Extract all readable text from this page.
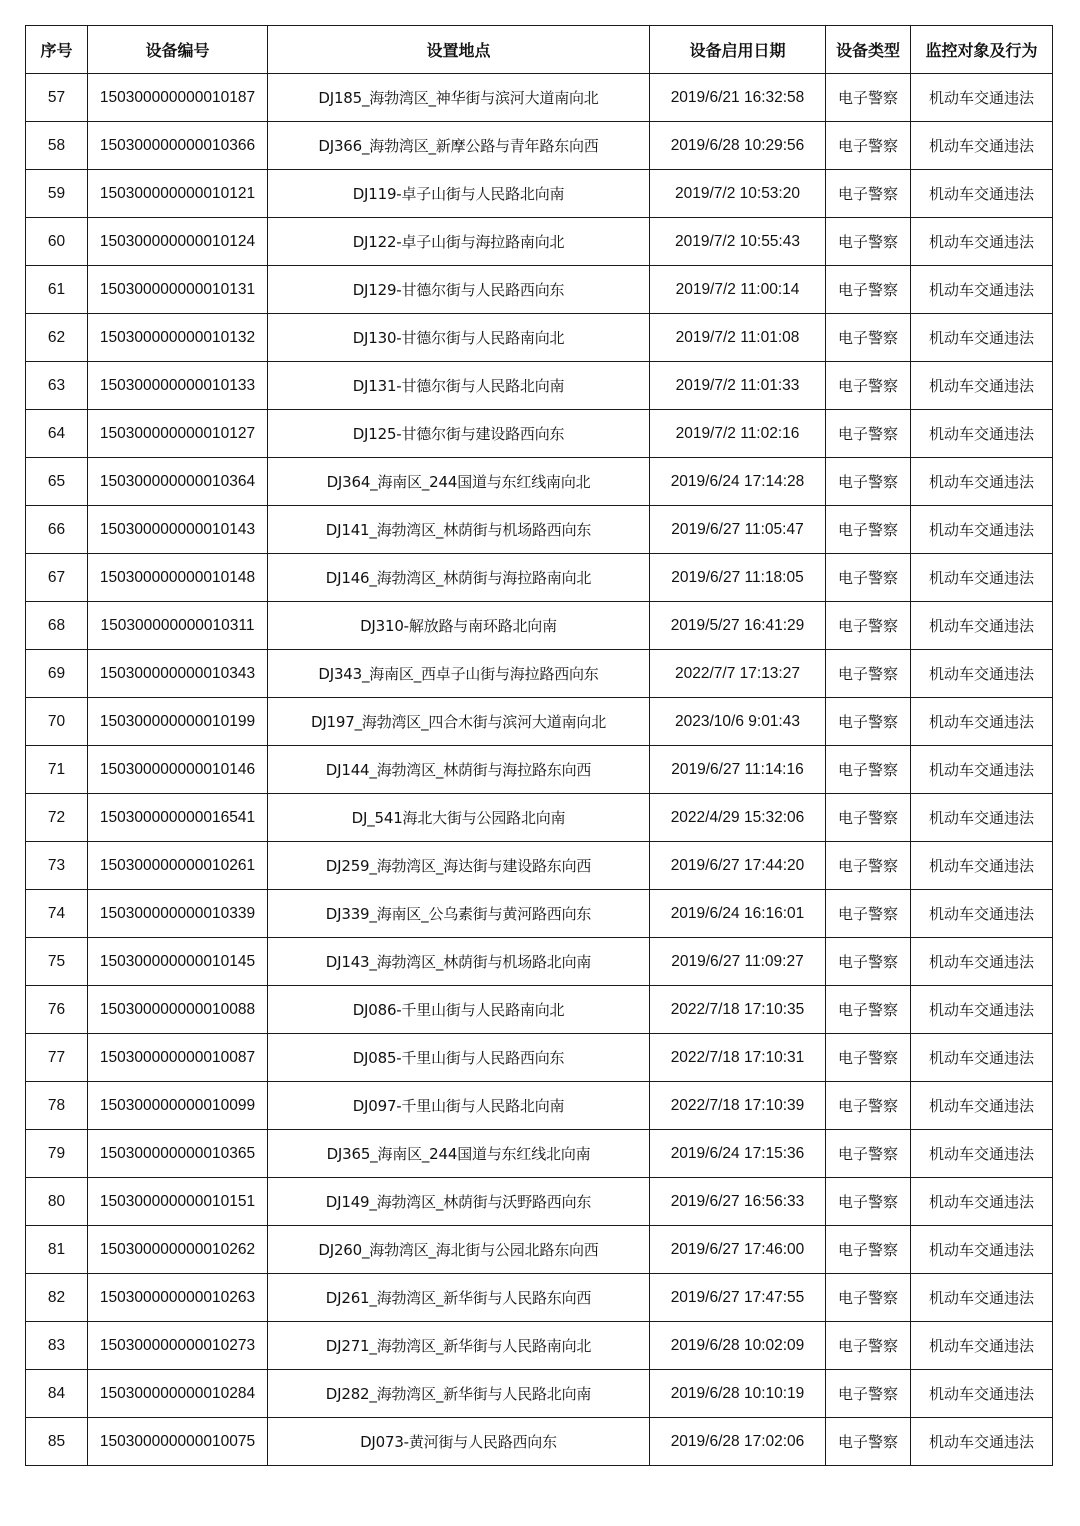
序号	设备编号	设置地点	设备启用日期	设备类型	监控对象及行为
57	150300000000010187	DJ185_海勃湾区_神华街与滨河大道南向北	2019/6/21 16:32:58	电子警察	机动车交通违法
58	150300000000010366	DJ366_海勃湾区_新摩公路与青年路东向西	2019/6/28 10:29:56	电子警察	机动车交通违法
59	150300000000010121	DJ119-卓子山街与人民路北向南	2019/7/2 10:53:20	电子警察	机动车交通违法
60	150300000000010124	DJ122-卓子山街与海拉路南向北	2019/7/2 10:55:43	电子警察	机动车交通违法
61	150300000000010131	DJ129-甘德尔街与人民路西向东	2019/7/2 11:00:14	电子警察	机动车交通违法
62	150300000000010132	DJ130-甘德尔街与人民路南向北	2019/7/2 11:01:08	电子警察	机动车交通违法
63	150300000000010133	DJ131-甘德尔街与人民路北向南	2019/7/2 11:01:33	电子警察	机动车交通违法
64	150300000000010127	DJ125-甘德尔街与建设路西向东	2019/7/2 11:02:16	电子警察	机动车交通违法
65	150300000000010364	DJ364_海南区_244国道与东红线南向北	2019/6/24 17:14:28	电子警察	机动车交通违法
66	150300000000010143	DJ141_海勃湾区_林荫街与机场路西向东	2019/6/27 11:05:47	电子警察	机动车交通违法
67	150300000000010148	DJ146_海勃湾区_林荫街与海拉路南向北	2019/6/27 11:18:05	电子警察	机动车交通违法
68	150300000000010311	DJ310-解放路与南环路北向南	2019/5/27 16:41:29	电子警察	机动车交通违法
69	150300000000010343	DJ343_海南区_西卓子山街与海拉路西向东	2022/7/7 17:13:27	电子警察	机动车交通违法
70	150300000000010199	DJ197_海勃湾区_四合木街与滨河大道南向北	2023/10/6 9:01:43	电子警察	机动车交通违法
71	150300000000010146	DJ144_海勃湾区_林荫街与海拉路东向西	2019/6/27 11:14:16	电子警察	机动车交通违法
72	150300000000016541	DJ_541海北大街与公园路北向南	2022/4/29 15:32:06	电子警察	机动车交通违法
73	150300000000010261	DJ259_海勃湾区_海达街与建设路东向西	2019/6/27 17:44:20	电子警察	机动车交通违法
74	150300000000010339	DJ339_海南区_公乌素街与黄河路西向东	2019/6/24 16:16:01	电子警察	机动车交通违法
75	150300000000010145	DJ143_海勃湾区_林荫街与机场路北向南	2019/6/27 11:09:27	电子警察	机动车交通违法
76	150300000000010088	DJ086-千里山街与人民路南向北	2022/7/18 17:10:35	电子警察	机动车交通违法
77	150300000000010087	DJ085-千里山街与人民路西向东	2022/7/18 17:10:31	电子警察	机动车交通违法
78	150300000000010099	DJ097-千里山街与人民路北向南	2022/7/18 17:10:39	电子警察	机动车交通违法
79	150300000000010365	DJ365_海南区_244国道与东红线北向南	2019/6/24 17:15:36	电子警察	机动车交通违法
80	150300000000010151	DJ149_海勃湾区_林荫街与沃野路西向东	2019/6/27 16:56:33	电子警察	机动车交通违法
81	150300000000010262	DJ260_海勃湾区_海北街与公园北路东向西	2019/6/27 17:46:00	电子警察	机动车交通违法
82	150300000000010263	DJ261_海勃湾区_新华街与人民路东向西	2019/6/27 17:47:55	电子警察	机动车交通违法
83	150300000000010273	DJ271_海勃湾区_新华街与人民路南向北	2019/6/28 10:02:09	电子警察	机动车交通违法
84	150300000000010284	DJ282_海勃湾区_新华街与人民路北向南	2019/6/28 10:10:19	电子警察	机动车交通违法
85	150300000000010075	DJ073-黄河街与人民路西向东	2019/6/28 17:02:06	电子警察	机动车交通违法
